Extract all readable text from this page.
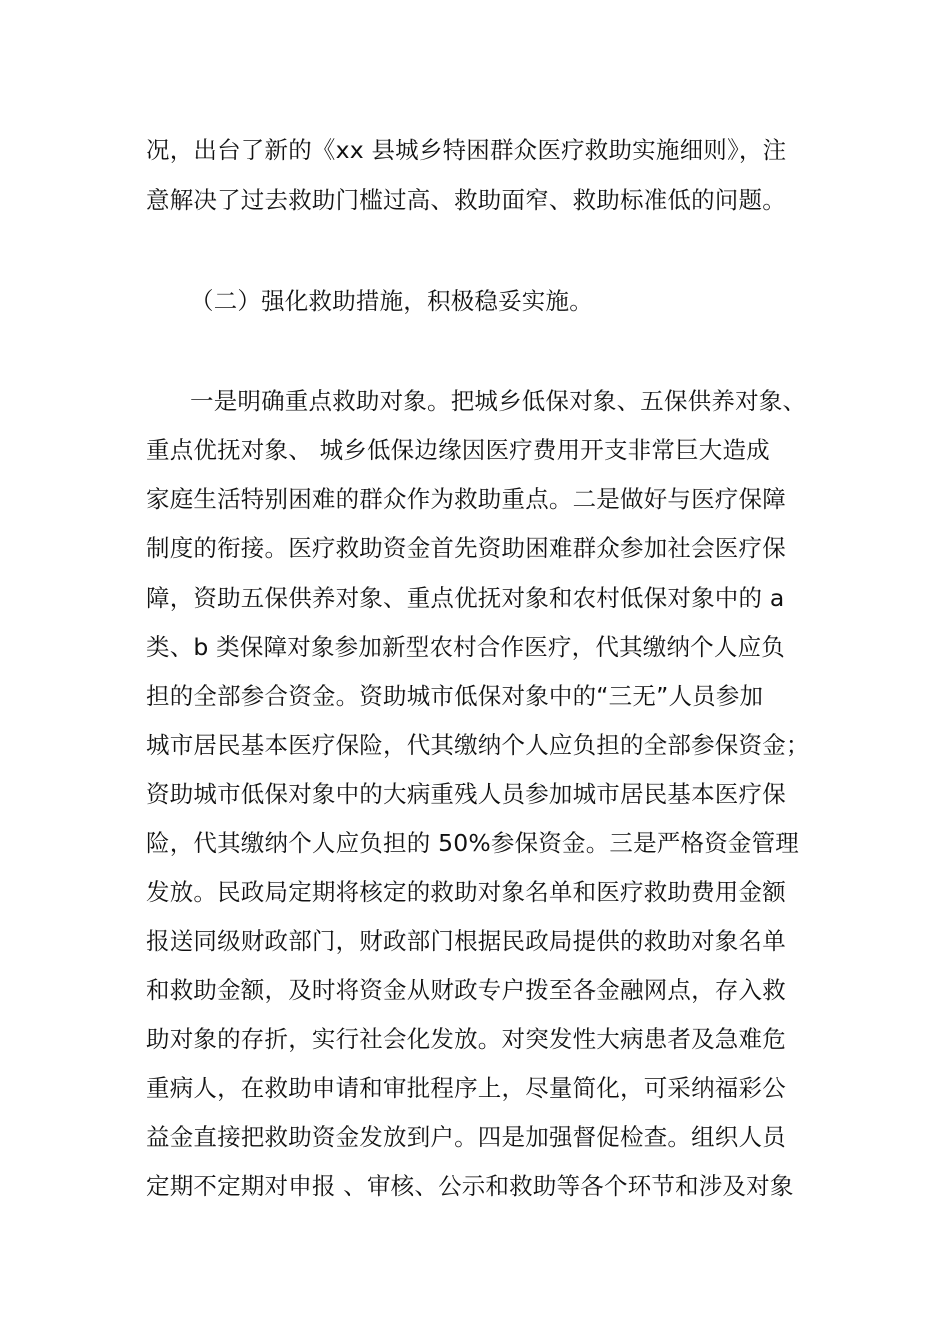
况，出台了新的《xx 县城乡特困群众医疗救助实施细则》，注
意解决了过去救助门槛过高、救助面窄、救助标准低的问题。
（二）强化救助措施，积极稳妥实施。
一是明确重点救助对象。把城乡低保对象、五保供养对象、
重点优抚对象、 城乡低保边缘因医疗费用开支非常巨大造成
家庭生活特别困难的群众作为救助重点。二是做好与医疗保障
制度的衔接。医疗救助资金首先资助困难群众参加社会医疗保
障，资助五保供养对象、重点优抚对象和农村低保对象中的 a
类、b 类保障对象参加新型农村合作医疗，代其缴纳个人应负
担的全部参合资金。资助城市低保对象中的“三无”人员参加
城市居民基本医疗保险，代其缴纳个人应负担的全部参保资金；
资助城市低保对象中的大病重残人员参加城市居民基本医疗保
险，代其缴纳个人应负担的 50%参保资金。三是严格资金管理
发放。民政局定期将核定的救助对象名单和医疗救助费用金额
报送同级财政部门，财政部门根据民政局提供的救助对象名单
和救助金额，及时将资金从财政专户拨至各金融网点，存入救
助对象的存折，实行社会化发放。对突发性大病患者及急难危
重病人，在救助申请和审批程序上，尽量简化，可采纳福彩公
益金直接把救助资金发放到户。四是加强督促检查。组织人员
定期不定期对申报 、审核、公示和救助等各个环节和涉及对象
